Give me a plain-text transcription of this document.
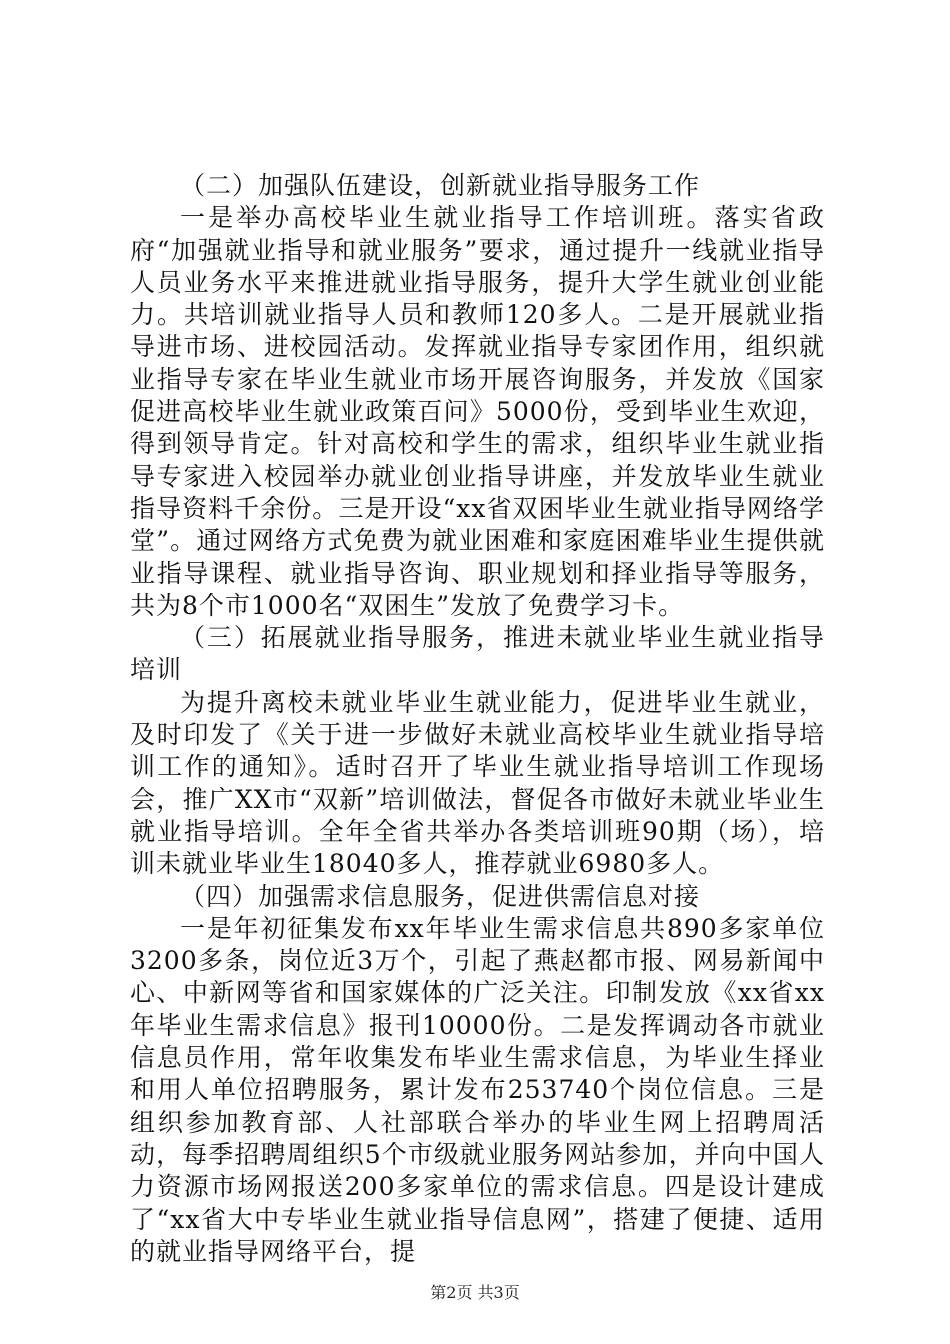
（二）加强队伍建设，创新就业指导服务工作

一是举办高校毕业生就业指导工作培训班。落实省政府“加强就业指导和就业服务”要求，通过提升一线就业指导人员业务水平来推进就业指导服务，提升大学生就业创业能力。共培训就业指导人员和教师120多人。二是开展就业指导进市场、进校园活动。发挥就业指导专家团作用，组织就业指导专家在毕业生就业市场开展咨询服务，并发放《国家促进高校毕业生就业政策百问》5000份，受到毕业生欢迎，得到领导肯定。针对高校和学生的需求，组织毕业生就业指导专家进入校园举办就业创业指导讲座，并发放毕业生就业指导资料千余份。三是开设“xx省双困毕业生就业指导网络学堂”。通过网络方式免费为就业困难和家庭困难毕业生提供就业指导课程、就业指导咨询、职业规划和择业指导等服务，共为8个市1000名“双困生”发放了免费学习卡。

（三）拓展就业指导服务，推进未就业毕业生就业指导培训

为提升离校未就业毕业生就业能力，促进毕业生就业，及时印发了《关于进一步做好未就业高校毕业生就业指导培训工作的通知》。适时召开了毕业生就业指导培训工作现场会，推广XX市“双新”培训做法，督促各市做好未就业毕业生就业指导培训。全年全省共举办各类培训班90期（场），培训未就业毕业生18040多人，推荐就业6980多人。

（四）加强需求信息服务，促进供需信息对接

一是年初征集发布xx年毕业生需求信息共890多家单位3200多条，岗位近3万个，引起了燕赵都市报、网易新闻中心、中新网等省和国家媒体的广泛关注。印制发放《xx省xx年毕业生需求信息》报刊10000份。二是发挥调动各市就业信息员作用，常年收集发布毕业生需求信息，为毕业生择业和用人单位招聘服务，累计发布253740个岗位信息。三是组织参加教育部、人社部联合举办的毕业生网上招聘周活动，每季招聘周组织5个市级就业服务网站参加，并向中国人力资源市场网报送200多家单位的需求信息。四是设计建成了“xx省大中专毕业生就业指导信息网”，搭建了便捷、适用的就业指导网络平台，提

第2页 共3页
